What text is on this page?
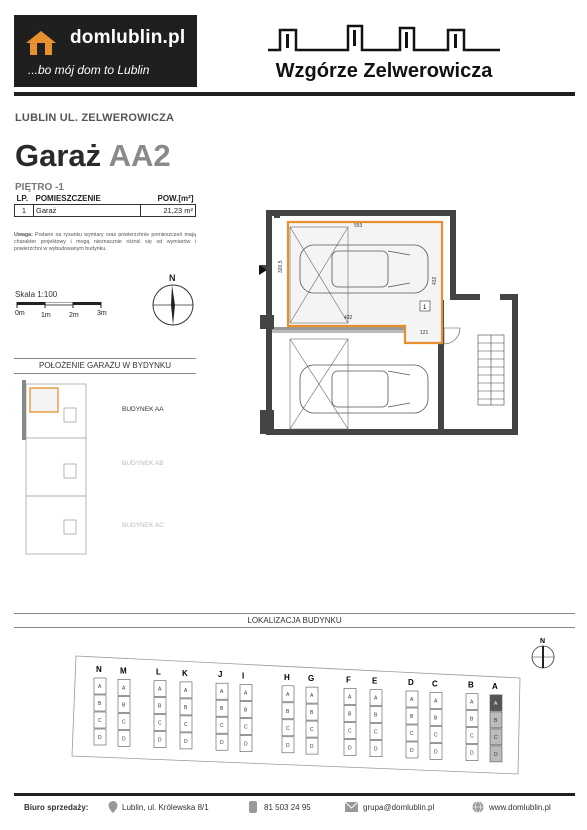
domlublin.pl
...bo mój dom to Lublin	Wzgórze Zelwerowicza
LUBLIN UL. ZELWEROWICZA
Garaż AA2
PIĘTRO -1
LP.	POMIESZCZENIE	POW.[m²]
1	Garaż	21,23 m²
Uwaga: Podane na rysunku wymiary oraz powierzchnie pomieszczeń mają charakter projektowy i mogą nieznacznie różnić się od wymiarów i powierzchni w wybudowanym budynku.
Skala 1:100
0m 1m	2m	3m
N
1
553
432
320,5
432
121
POŁOŻENIE GARAŻU W BYDYNKU
BUDYNEK AA
BUDYNEK AB
BUDYNEK AC
LOKALIZACJA BUDYNKU
N
A
B
C
D
M
A
B
C
D
L
A
B
C
D
K
A
B
C
D
J
A
B
C
D
I
A
B
C
D
H
A
B
C
D
G
A
B
C
D
F
A
B
C
D
E
A
B
C
D
D
A
B
C
D
C
A
B
C
D
B
A
B
C
D
A
A
B
C
D
N
Biuro sprzedaży:	Lublin, ul. Królewska 8/1	81 503 24 95	grupa@domlublin.pl	www.domlublin.pl
